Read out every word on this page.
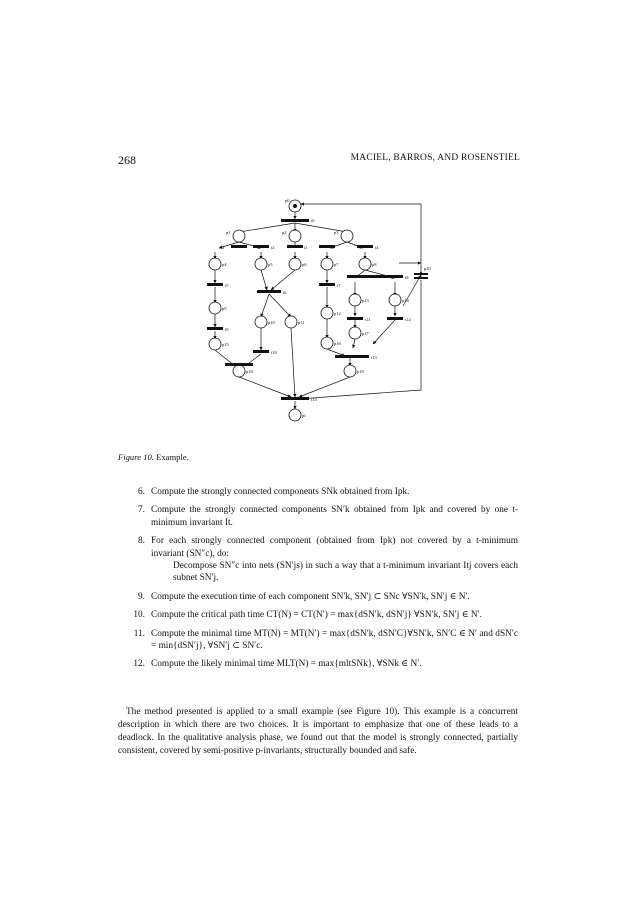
268	MACIEL, BARROS, AND ROSENSTIEL
p0
t0
p1	p2	p3
t1	t2	t3	t4
p4	p5	p6	p7	p8
t5
t6
t7
t8
p9
p10	p11
p12
p13	p14
t9
t10
t11	t12
p15	p16
p17
p18	p19
t13
t14
pf
p20
Figure 10. Example.
6. Compute the strongly connected components SNk obtained from Ipk.
7. Compute the strongly connected components SN′k obtained from Ipk and covered by one t-minimum invariant It.
8. For each strongly connected component (obtained from Ipk) not covered by a t-minimum invariant (SN″c), do:
Decompose SN″c into nets (SN′js) in such a way that a t-minimum invariant Itj covers each subnet SN′j.
9. Compute the execution time of each component SN′k, SN′j ⊂ SNc ∀SN′k, SN′j ∈ N′.
10. Compute the critical path time CT(N) = CT(N′) = max{dSN′k, dSN′j} ∀SN′k, SN′j ∈ N′.
11. Compute the minimal time MT(N) = MT(N′) = max{dSN′k, dSN′C}∀SN′k, SN′C ∈ N′ and dSN′c = min{dSN′j}, ∀SN′j ⊂ SN′c.
12. Compute the likely minimal time MLT(N) = max{mltSNk}, ∀SNk ∈ N′.

The method presented is applied to a small example (see Figure 10). This example is a concurrent description in which there are two choices. It is important to emphasize that one of these leads to a deadlock. In the qualitative analysis phase, we found out that the model is strongly connected, partially consistent, covered by semi-positive p-invariants, structurally bounded and safe.
